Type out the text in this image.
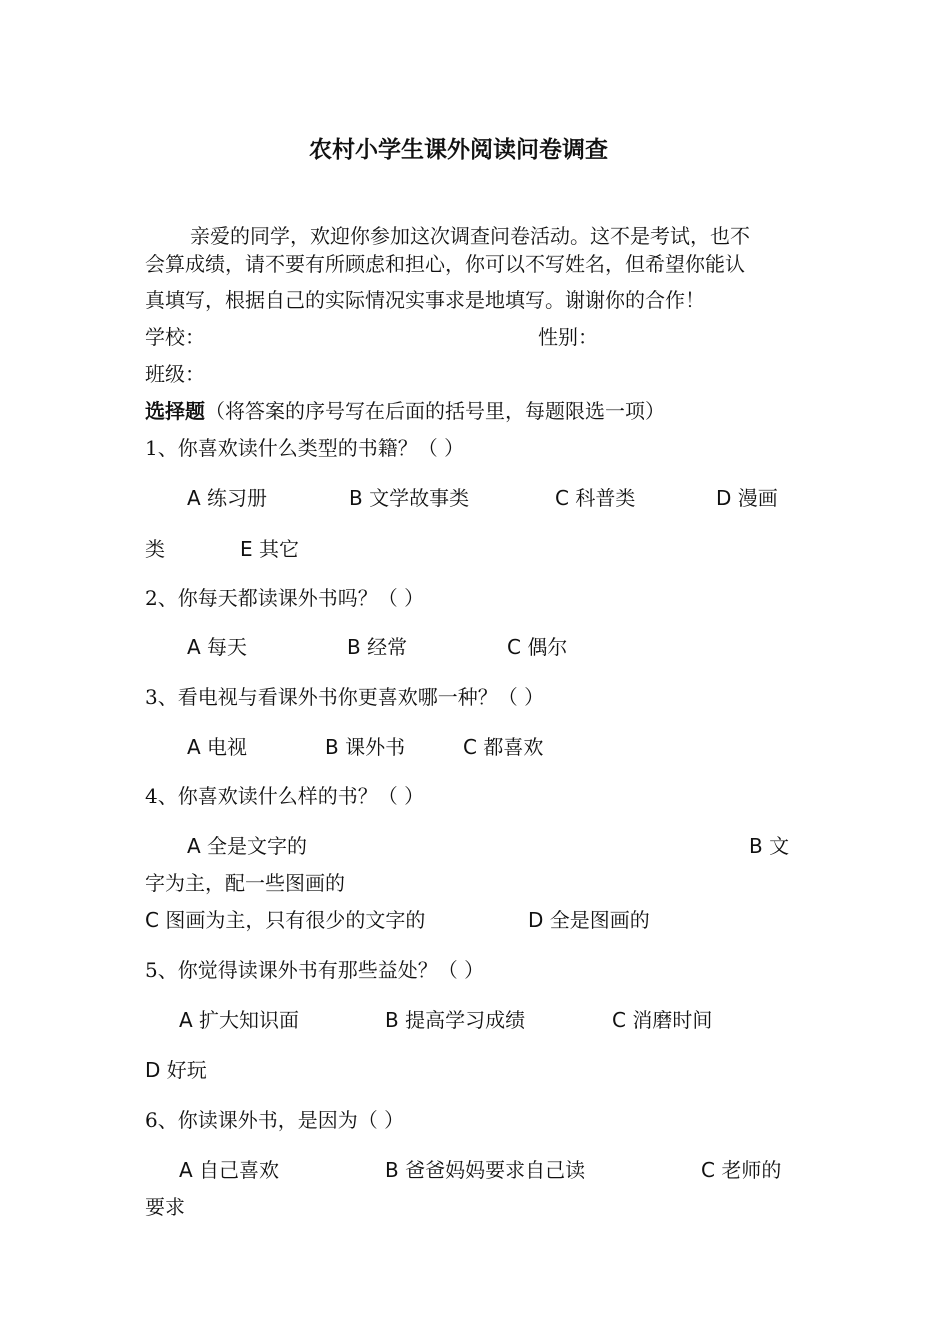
农村小学生课外阅读问卷调查
亲爱的同学，欢迎你参加这次调查问卷活动。这不是考试，也不
会算成绩，请不要有所顾虑和担心，你可以不写姓名，但希望你能认
真填写，根据自己的实际情况实事求是地填写。谢谢你的合作！
学校：	性别：
班级：
选择题（将答案的序号写在后面的括号里，每题限选一项）
1、你喜欢读什么类型的书籍？（ ）
A 练习册	B 文学故事类	C 科普类	D 漫画
类	E 其它
2、你每天都读课外书吗？（ ）
A 每天	B 经常	C 偶尔
3、看电视与看课外书你更喜欢哪一种？（ ）
A 电视	B 课外书	C 都喜欢
4、你喜欢读什么样的书？（ ）
A 全是文字的	B 文
字为主，配一些图画的
C 图画为主，只有很少的文字的	D 全是图画的
5、你觉得读课外书有那些益处？（ ）
A 扩大知识面	B 提高学习成绩	C 消磨时间
D 好玩
6、你读课外书，是因为（ ）
A 自己喜欢	B 爸爸妈妈要求自己读	C 老师的
要求
